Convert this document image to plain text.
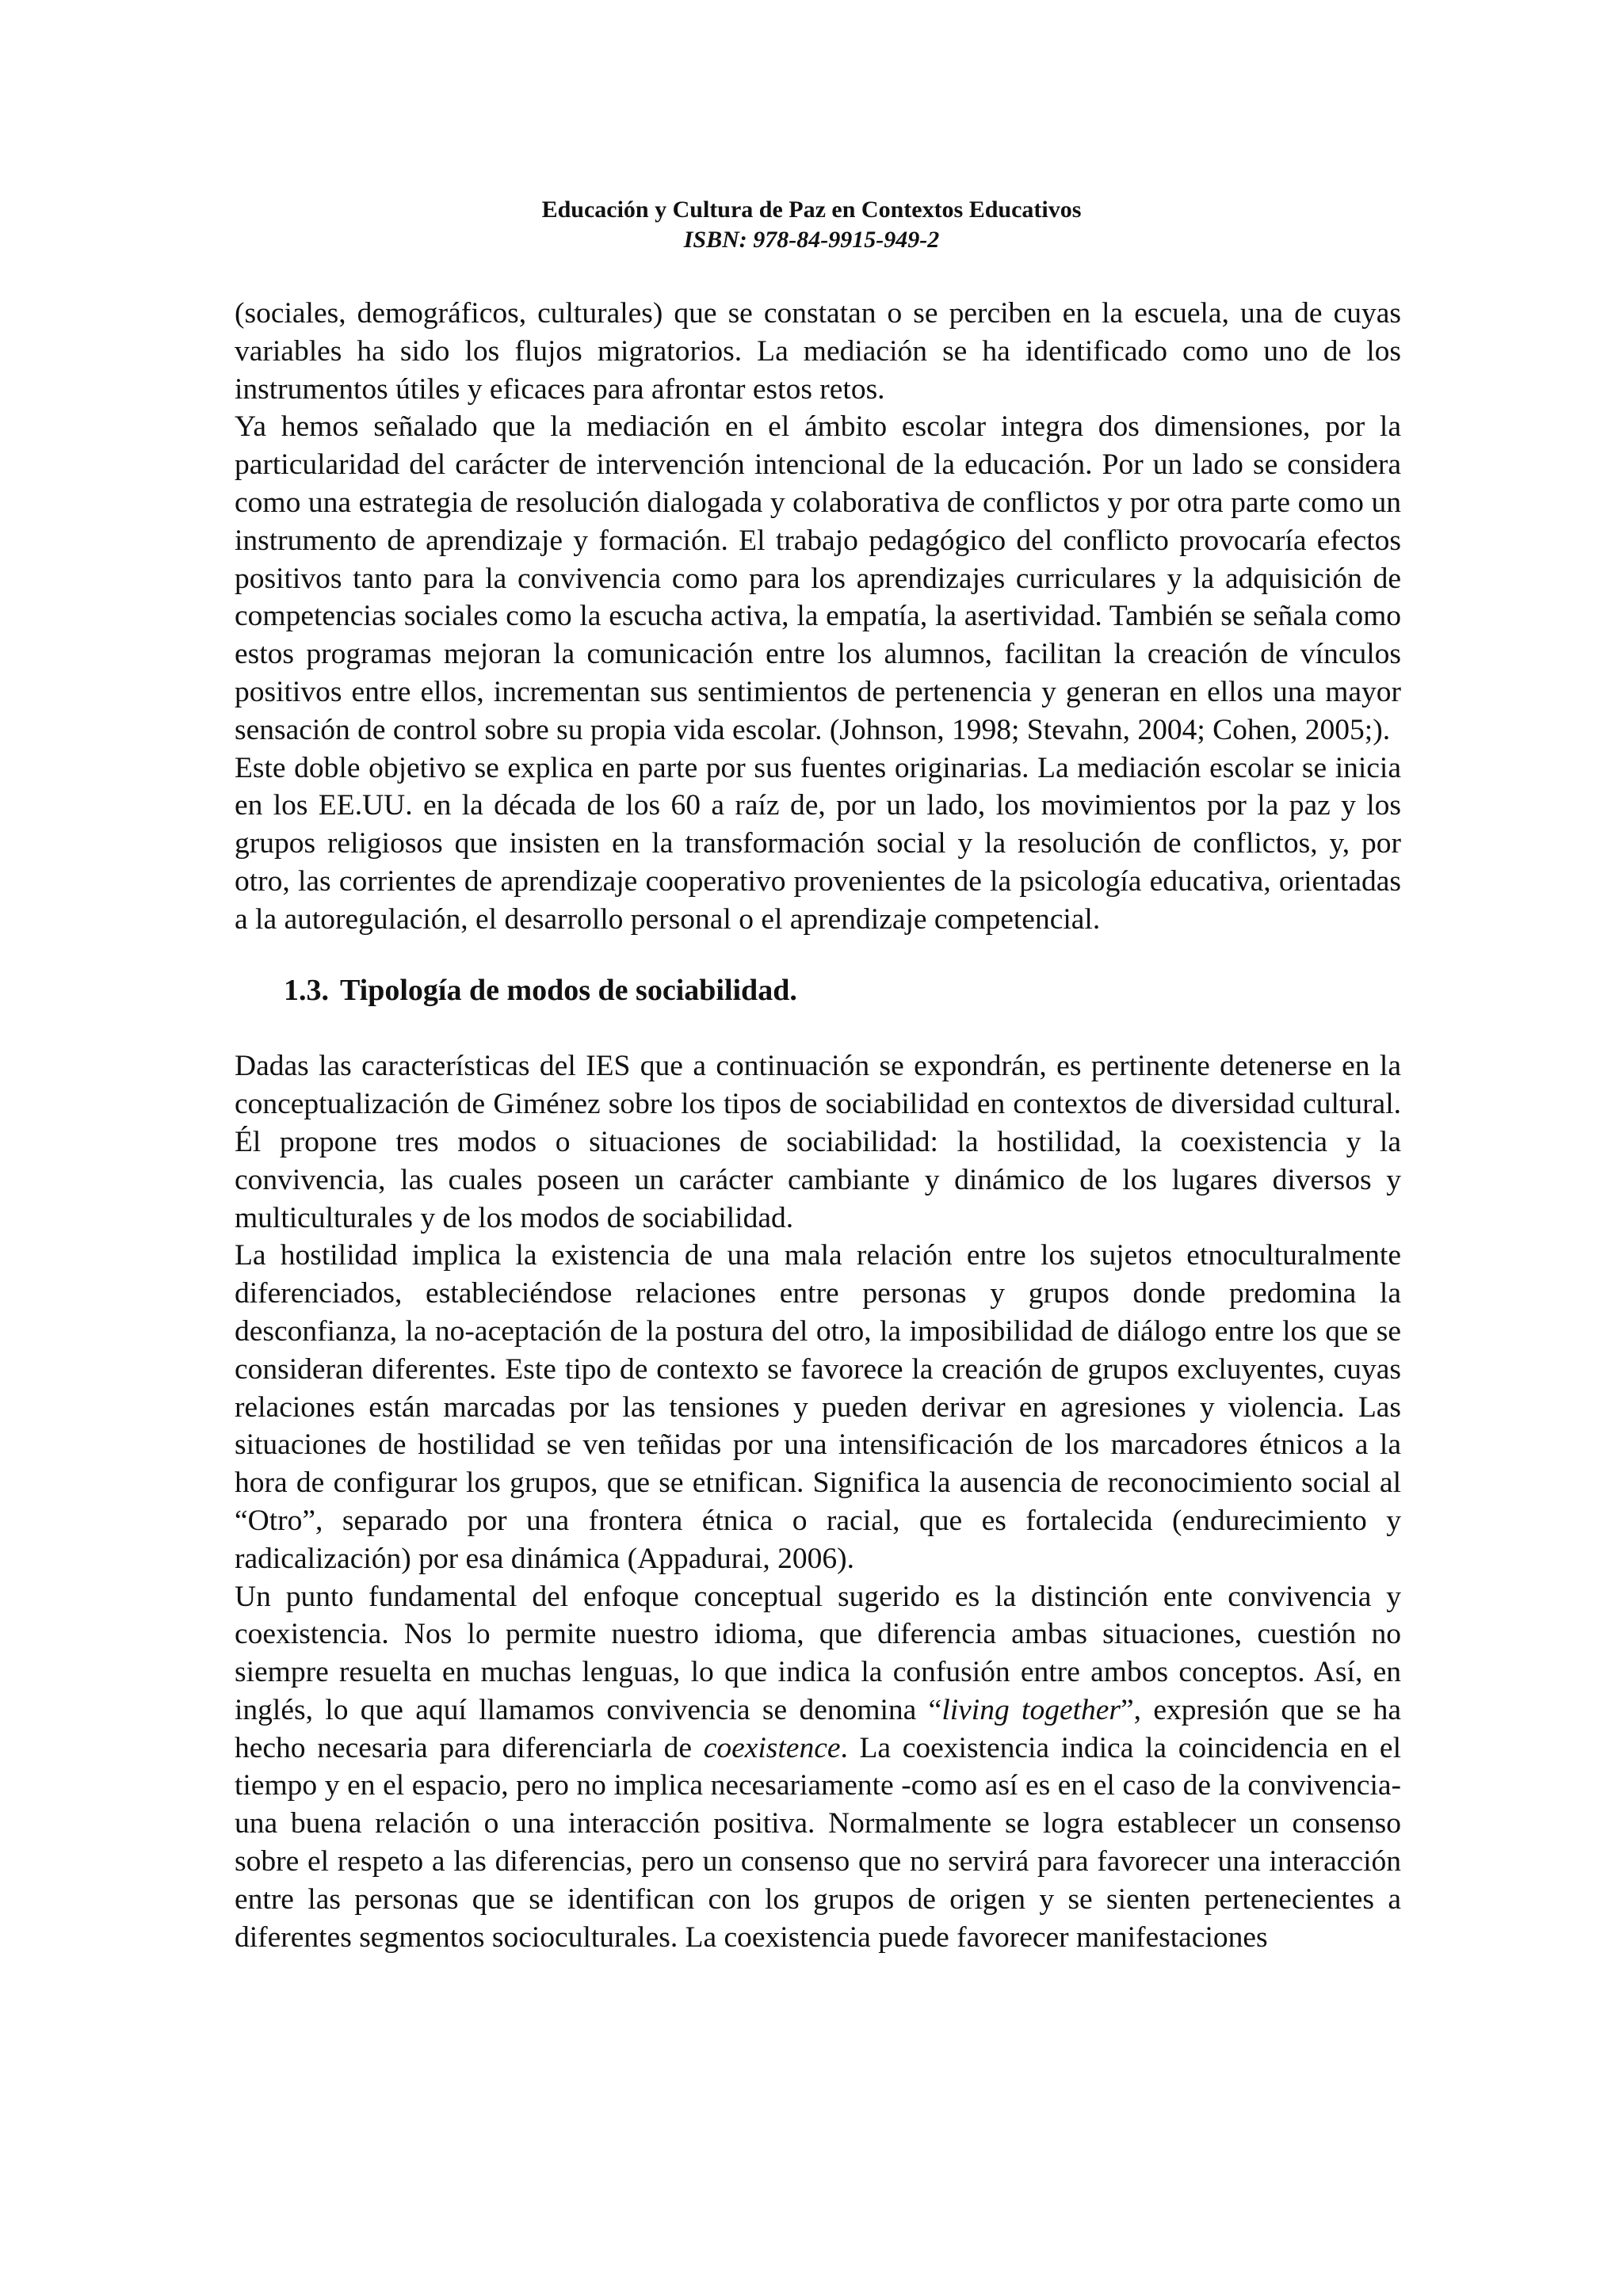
Educación y Cultura de Paz en Contextos Educativos
ISBN: 978-84-9915-949-2

(sociales, demográficos, culturales) que se constatan o se perciben en la escuela, una de cuyas variables ha sido los flujos migratorios. La mediación se ha identificado como uno de los instrumentos útiles y eficaces para afrontar estos retos.

Ya hemos señalado que la mediación en el ámbito escolar integra dos dimensiones, por la particularidad del carácter de intervención intencional de la educación. Por un lado se considera como una estrategia de resolución dialogada y colaborativa de conflictos y por otra parte como un instrumento de aprendizaje y formación. El trabajo pedagógico del conflicto provocaría efectos positivos tanto para la convivencia como para los aprendizajes curriculares y la adquisición de competencias sociales como la escucha activa, la empatía, la asertividad. También se señala como estos programas mejoran la comunicación entre los alumnos, facilitan la creación de vínculos positivos entre ellos, incrementan sus sentimientos de pertenencia y generan en ellos una mayor sensación de control sobre su propia vida escolar. (Johnson, 1998; Stevahn, 2004; Cohen, 2005;).

Este doble objetivo se explica en parte por sus fuentes originarias. La mediación escolar se inicia en los EE.UU. en la década de los 60 a raíz de, por un lado, los movimientos por la paz y los grupos religiosos que insisten en la transformación social y la resolución de conflictos, y, por otro, las corrientes de aprendizaje cooperativo provenientes de la psicología educativa, orientadas a la autoregulación, el desarrollo personal o el aprendizaje competencial.

1.3. Tipología de modos de sociabilidad.

Dadas las características del IES que a continuación se expondrán, es pertinente detenerse en la conceptualización de Giménez sobre los tipos de sociabilidad en contextos de diversidad cultural. Él propone tres modos o situaciones de sociabilidad: la hostilidad, la coexistencia y la convivencia, las cuales poseen un carácter cambiante y dinámico de los lugares diversos y multiculturales y de los modos de sociabilidad.

La hostilidad implica la existencia de una mala relación entre los sujetos etnoculturalmente diferenciados, estableciéndose relaciones entre personas y grupos donde predomina la desconfianza, la no-aceptación de la postura del otro, la imposibilidad de diálogo entre los que se consideran diferentes. Este tipo de contexto se favorece la creación de grupos excluyentes, cuyas relaciones están marcadas por las tensiones y pueden derivar en agresiones y violencia. Las situaciones de hostilidad se ven teñidas por una intensificación de los marcadores étnicos a la hora de configurar los grupos, que se etnifican. Significa la ausencia de reconocimiento social al “Otro”, separado por una frontera étnica o racial, que es fortalecida (endurecimiento y radicalización) por esa dinámica (Appadurai, 2006).

Un punto fundamental del enfoque conceptual sugerido es la distinción ente convivencia y coexistencia. Nos lo permite nuestro idioma, que diferencia ambas situaciones, cuestión no siempre resuelta en muchas lenguas, lo que indica la confusión entre ambos conceptos. Así, en inglés, lo que aquí llamamos convivencia se denomina “living together”, expresión que se ha hecho necesaria para diferenciarla de coexistence. La coexistencia indica la coincidencia en el tiempo y en el espacio, pero no implica necesariamente -como así es en el caso de la convivencia- una buena relación o una interacción positiva. Normalmente se logra establecer un consenso sobre el respeto a las diferencias, pero un consenso que no servirá para favorecer una interacción entre las personas que se identifican con los grupos de origen y se sienten pertenecientes a diferentes segmentos socioculturales. La coexistencia puede favorecer manifestaciones
